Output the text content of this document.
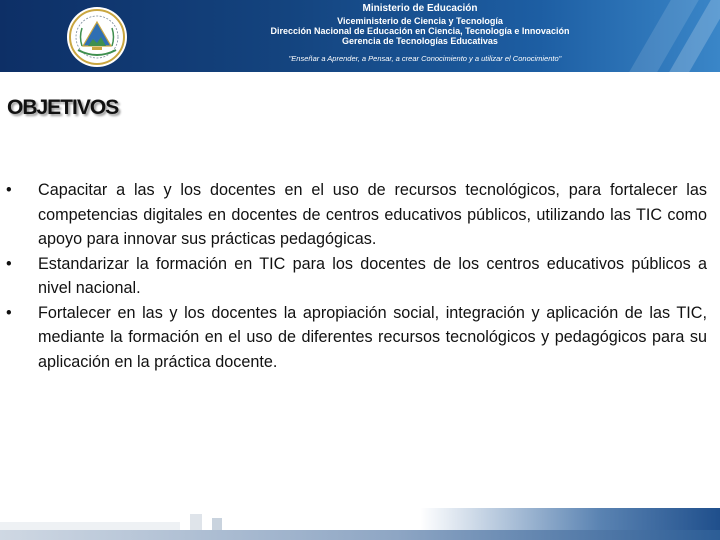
Ministerio de Educación
Viceministerio de Ciencia y Tecnología
Dirección Nacional de Educación en Ciencia, Tecnología e Innovación
Gerencia de Tecnologías Educativas
"Enseñar a Aprender, a Pensar, a crear Conocimiento y a utilizar el Conocimiento"
OBJETIVOS
• Capacitar a las y los docentes en el uso de recursos tecnológicos, para fortalecer las competencias digitales en docentes de centros educativos públicos, utilizando las TIC como apoyo para innovar sus prácticas pedagógicas.
• Estandarizar la formación en TIC para los docentes de los centros educativos públicos a nivel nacional.
• Fortalecer en las y los docentes la apropiación social, integración y aplicación de las TIC, mediante la formación en el uso de diferentes recursos tecnológicos y pedagógicos para su aplicación en la práctica docente.
